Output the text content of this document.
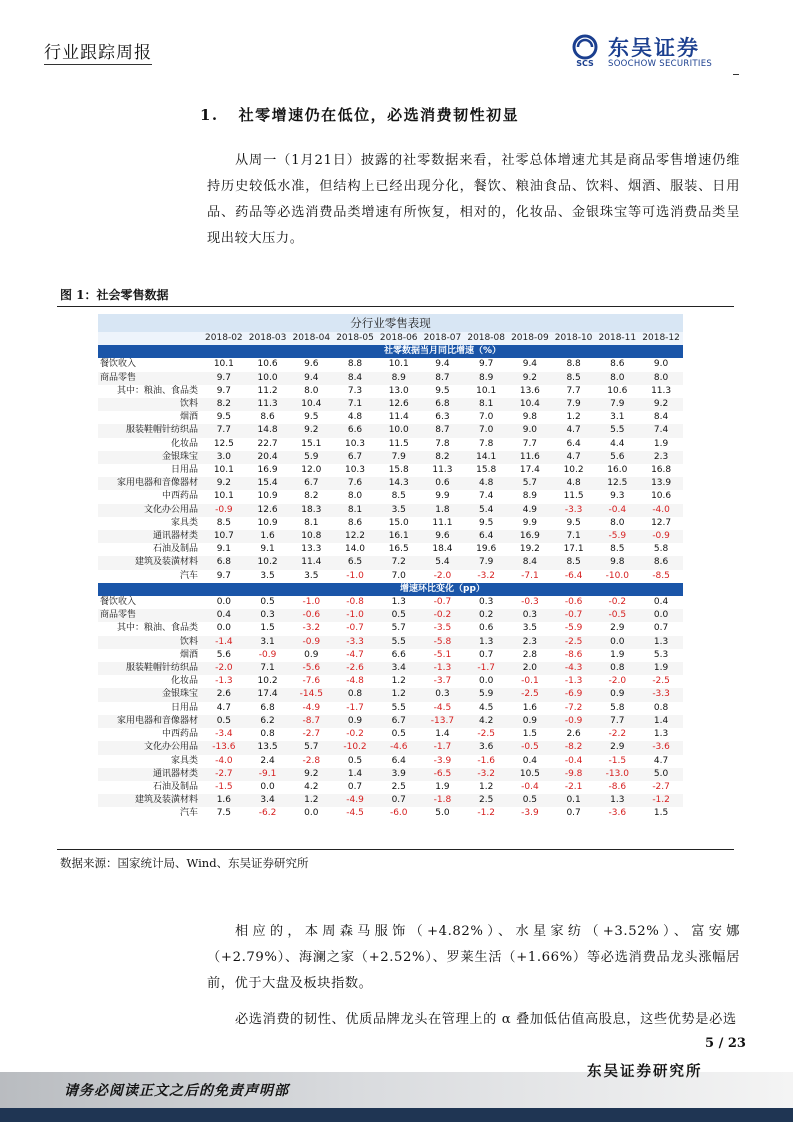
行业跟踪周报
SCS
东吴证券
SOOCHOW SECURITIES
1. 社零增速仍在低位，必选消费韧性初显

从周一（1月21日）披露的社零数据来看，社零总体增速尤其是商品零售增速仍维持历史较低水准，但结构上已经出现分化，餐饮、粮油食品、饮料、烟酒、服装、日用品、药品等必选消费品类增速有所恢复，相对的，化妆品、金银珠宝等可选消费品类呈现出较大压力。

图 1：社会零售数据
分行业零售表现
	2018-02	2018-03	2018-04	2018-05	2018-06	2018-07	2018-08	2018-09	2018-10	2018-11	2018-12
	社零数据当月同比增速（%）										
餐饮收入	10.1	10.6	9.6	8.8	10.1	9.4	9.7	9.4	8.8	8.6	9.0
商品零售	9.7	10.0	9.4	8.4	8.9	8.7	8.9	9.2	8.5	8.0	8.0
其中：粮油、食品类	9.7	11.2	8.0	7.3	13.0	9.5	10.1	13.6	7.7	10.6	11.3
饮料	8.2	11.3	10.4	7.1	12.6	6.8	8.1	10.4	7.9	7.9	9.2
烟酒	9.5	8.6	9.5	4.8	11.4	6.3	7.0	9.8	1.2	3.1	8.4
服装鞋帽针纺织品	7.7	14.8	9.2	6.6	10.0	8.7	7.0	9.0	4.7	5.5	7.4
化妆品	12.5	22.7	15.1	10.3	11.5	7.8	7.8	7.7	6.4	4.4	1.9
金银珠宝	3.0	20.4	5.9	6.7	7.9	8.2	14.1	11.6	4.7	5.6	2.3
日用品	10.1	16.9	12.0	10.3	15.8	11.3	15.8	17.4	10.2	16.0	16.8
家用电器和音像器材	9.2	15.4	6.7	7.6	14.3	0.6	4.8	5.7	4.8	12.5	13.9
中西药品	10.1	10.9	8.2	8.0	8.5	9.9	7.4	8.9	11.5	9.3	10.6
文化办公用品	-0.9	12.6	18.3	8.1	3.5	1.8	5.4	4.9	-3.3	-0.4	-4.0
家具类	8.5	10.9	8.1	8.6	15.0	11.1	9.5	9.9	9.5	8.0	12.7
通讯器材类	10.7	1.6	10.8	12.2	16.1	9.6	6.4	16.9	7.1	-5.9	-0.9
石油及制品	9.1	9.1	13.3	14.0	16.5	18.4	19.6	19.2	17.1	8.5	5.8
建筑及装潢材料	6.8	10.2	11.4	6.5	7.2	5.4	7.9	8.4	8.5	9.8	8.6
汽车	9.7	3.5	3.5	-1.0	7.0	-2.0	-3.2	-7.1	-6.4	-10.0	-8.5
	增速环比变化（pp）										
餐饮收入	0.0	0.5	-1.0	-0.8	1.3	-0.7	0.3	-0.3	-0.6	-0.2	0.4
商品零售	0.4	0.3	-0.6	-1.0	0.5	-0.2	0.2	0.3	-0.7	-0.5	0.0
其中：粮油、食品类	0.0	1.5	-3.2	-0.7	5.7	-3.5	0.6	3.5	-5.9	2.9	0.7
饮料	-1.4	3.1	-0.9	-3.3	5.5	-5.8	1.3	2.3	-2.5	0.0	1.3
烟酒	5.6	-0.9	0.9	-4.7	6.6	-5.1	0.7	2.8	-8.6	1.9	5.3
服装鞋帽针纺织品	-2.0	7.1	-5.6	-2.6	3.4	-1.3	-1.7	2.0	-4.3	0.8	1.9
化妆品	-1.3	10.2	-7.6	-4.8	1.2	-3.7	0.0	-0.1	-1.3	-2.0	-2.5
金银珠宝	2.6	17.4	-14.5	0.8	1.2	0.3	5.9	-2.5	-6.9	0.9	-3.3
日用品	4.7	6.8	-4.9	-1.7	5.5	-4.5	4.5	1.6	-7.2	5.8	0.8
家用电器和音像器材	0.5	6.2	-8.7	0.9	6.7	-13.7	4.2	0.9	-0.9	7.7	1.4
中西药品	-3.4	0.8	-2.7	-0.2	0.5	1.4	-2.5	1.5	2.6	-2.2	1.3
文化办公用品	-13.6	13.5	5.7	-10.2	-4.6	-1.7	3.6	-0.5	-8.2	2.9	-3.6
家具类	-4.0	2.4	-2.8	0.5	6.4	-3.9	-1.6	0.4	-0.4	-1.5	4.7
通讯器材类	-2.7	-9.1	9.2	1.4	3.9	-6.5	-3.2	10.5	-9.8	-13.0	5.0
石油及制品	-1.5	0.0	4.2	0.7	2.5	1.9	1.2	-0.4	-2.1	-8.6	-2.7
建筑及装潢材料	1.6	3.4	1.2	-4.9	0.7	-1.8	2.5	0.5	0.1	1.3	-1.2
汽车	7.5	-6.2	0.0	-4.5	-6.0	5.0	-1.2	-3.9	0.7	-3.6	1.5
数据来源：国家统计局、Wind、东吴证券研究所

相应的，本周森马服饰（+4.82%）、水星家纺（+3.52%）、富安娜（+2.79%）、海澜之家（+2.52%）、罗莱生活（+1.66%）等必选消费品龙头涨幅居前，优于大盘及板块指数。

必选消费的韧性、优质品牌龙头在管理上的 α 叠加低估值高股息，这些优势是必选

5 / 23
东吴证券研究所
请务必阅读正文之后的免责声明部
